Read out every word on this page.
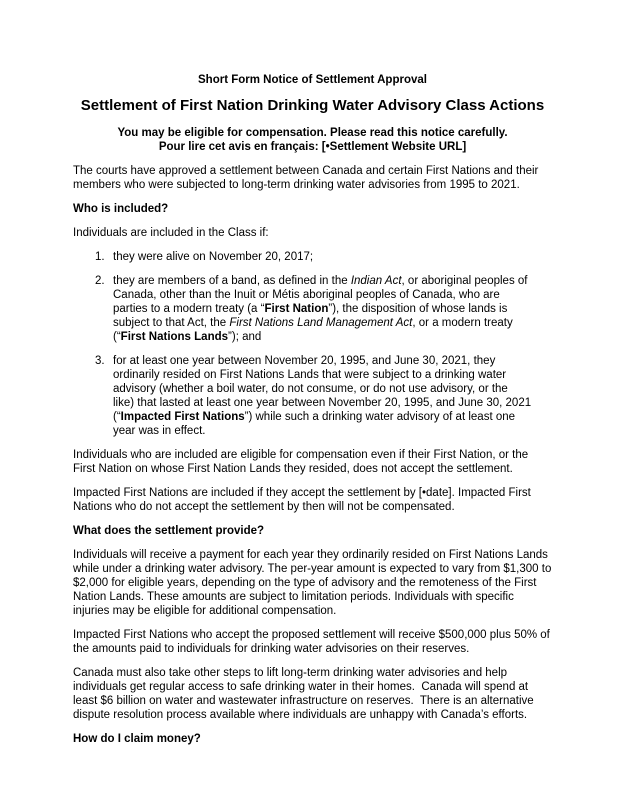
Short Form Notice of Settlement Approval

Settlement of First Nation Drinking Water Advisory Class Actions

You may be eligible for compensation. Please read this notice carefully.
Pour lire cet avis en français: [•Settlement Website URL]

The courts have approved a settlement between Canada and certain First Nations and their members who were subjected to long-term drinking water advisories from 1995 to 2021.

Who is included?

Individuals are included in the Class if:

1. they were alive on November 20, 2017;
2. they are members of a band, as defined in the Indian Act, or aboriginal peoples of Canada, other than the Inuit or Métis aboriginal peoples of Canada, who are parties to a modern treaty (a “First Nation”), the disposition of whose lands is subject to that Act, the First Nations Land Management Act, or a modern treaty (“First Nations Lands”); and
3. for at least one year between November 20, 1995, and June 30, 2021, they ordinarily resided on First Nations Lands that were subject to a drinking water advisory (whether a boil water, do not consume, or do not use advisory, or the like) that lasted at least one year between November 20, 1995, and June 30, 2021 (“Impacted First Nations”) while such a drinking water advisory of at least one year was in effect.

Individuals who are included are eligible for compensation even if their First Nation, or the First Nation on whose First Nation Lands they resided, does not accept the settlement.

Impacted First Nations are included if they accept the settlement by [•date]. Impacted First Nations who do not accept the settlement by then will not be compensated.

What does the settlement provide?

Individuals will receive a payment for each year they ordinarily resided on First Nations Lands while under a drinking water advisory. The per-year amount is expected to vary from $1,300 to $2,000 for eligible years, depending on the type of advisory and the remoteness of the First Nation Lands. These amounts are subject to limitation periods. Individuals with specific injuries may be eligible for additional compensation.

Impacted First Nations who accept the proposed settlement will receive $500,000 plus 50% of the amounts paid to individuals for drinking water advisories on their reserves.

Canada must also take other steps to lift long-term drinking water advisories and help individuals get regular access to safe drinking water in their homes.  Canada will spend at least $6 billion on water and wastewater infrastructure on reserves.  There is an alternative dispute resolution process available where individuals are unhappy with Canada’s efforts.

How do I claim money?
